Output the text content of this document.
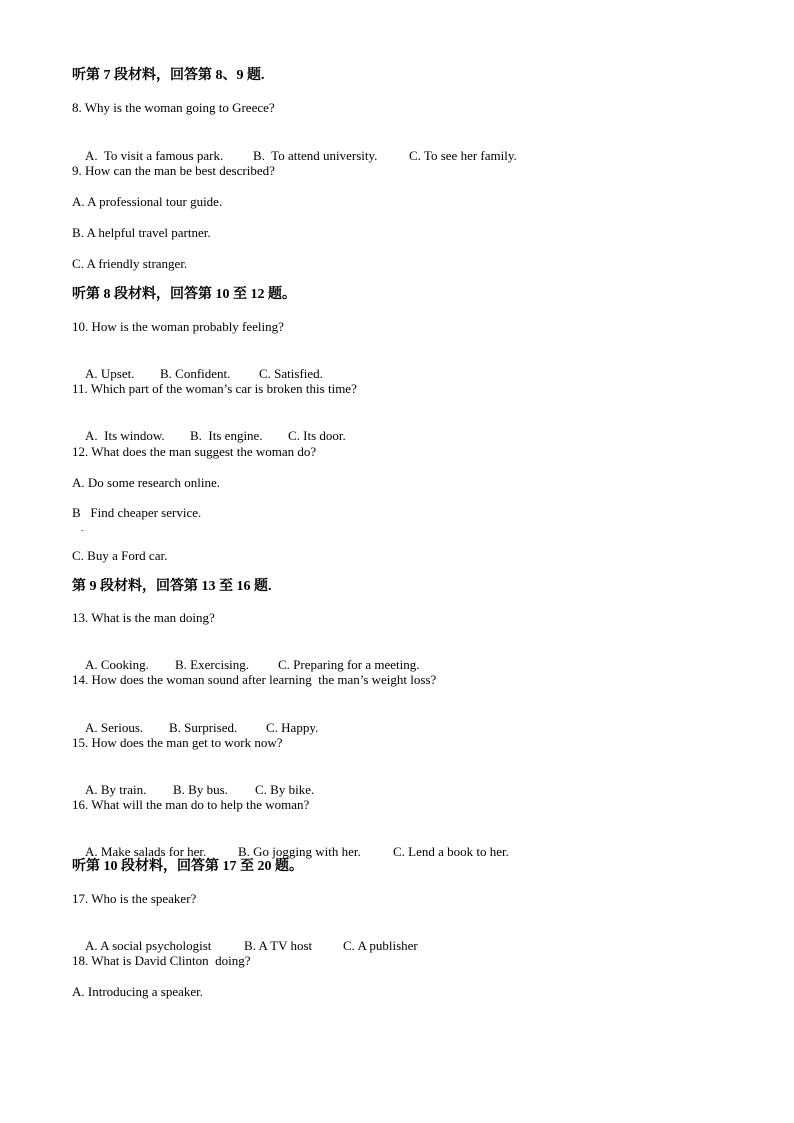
听第 7 段材料，回答第 8、9 题.
8. Why is the woman going to Greece?

A.  To visit a famous park. B.  To attend university. C. To see her family.

9. How can the man be best described?
A. A professional tour guide.
B. A helpful travel partner.
C. A friendly stranger.
听第 8 段材料，回答第 10 至 12 题。
10. How is the woman probably feeling?

A. Upset. B. Confident. C. Satisfied.

11. Which part of the woman’s car is broken this time?

A.  Its window. B.  Its engine. C. Its door.

12. What does the man suggest the woman do?
A. Do some research online.
B   Find cheaper service.
.
C. Buy a Ford car.
第 9 段材料，回答第 13 至 16 题.
13. What is the man doing?

A. Cooking. B. Exercising. C. Preparing for a meeting.

14. How does the woman sound after learning  the man’s weight loss?

A. Serious. B. Surprised. C. Happy.

15. How does the man get to work now?

A. By train. B. By bus. C. By bike.

16. What will the man do to help the woman?

A. Make salads for her. B. Go jogging with her. C. Lend a book to her.

听第 10 段材料，回答第 17 至 20 题。
17. Who is the speaker?

A. A social psychologist	B. A TV host C. A publisher

18. What is David Clinton  doing?
A. Introducing a speaker.
